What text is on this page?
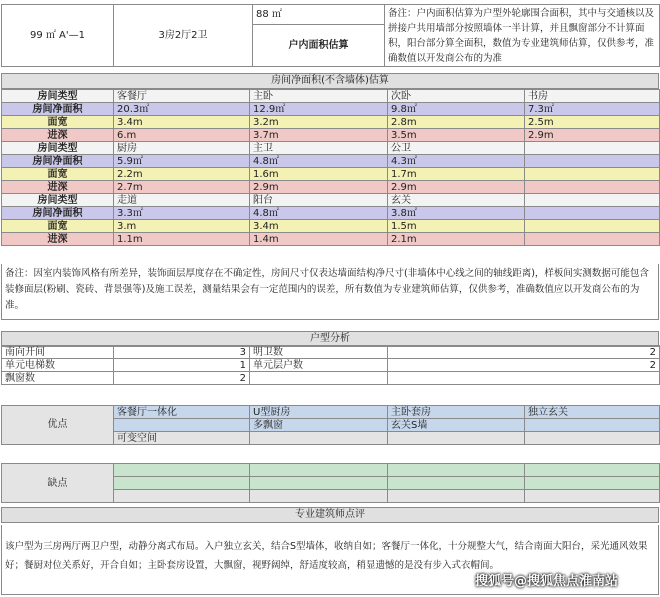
99 ㎡ A'—1	3房2厅2卫	88 ㎡	备注：户内面积估算为户型外轮廓围合面积，其中与交通核以及拼接户共用墙部分按照墙体一半计算，并且飘窗部分不计算面积，阳台部分算全面积，数值为专业建筑师估算，仅供参考，准确数值以开发商公布的为准
户内面积估算
房间净面积(不含墙体)估算
房间类型	客餐厅	主卧	次卧	书房
房间净面积	20.3㎡	12.9㎡	9.8㎡	7.3㎡
面宽	3.4m	3.2m	2.8m	2.5m
进深	6.m	3.7m	3.5m	2.9m
房间类型	厨房	主卫	公卫	
房间净面积	5.9㎡	4.8㎡	4.3㎡	
面宽	2.2m	1.6m	1.7m	
进深	2.7m	2.9m	2.9m	
房间类型	走道	阳台	玄关	
房间净面积	3.3㎡	4.8㎡	3.8㎡	
面宽	3.m	3.4m	1.5m	
进深	1.1m	1.4m	2.1m	
备注：因室内装饰风格有所差异，装饰面层厚度存在不确定性，房间尺寸仅表达墙面结构净尺寸(非墙体中心线之间的轴线距离)，样板间实测数据可能包含装修面层(粉刷、瓷砖、背景强等)及施工误差，测量结果会有一定范围内的误差，所有数值为专业建筑师估算，仅供参考，准确数值应以开发商公布的为准。
户型分析
南向开间	3	明卫数	2
单元电梯数	1	单元层户数	2
飘窗数	2		
优点	客餐厅一体化	U型厨房	主卧套房	独立玄关
		多飘窗	玄关S墙	
	可变空间			
缺点				

专业建筑师点评
该户型为三房两厅两卫户型，动静分离式布局。入户独立玄关，结合S型墙体，收纳自如；客餐厅一体化，十分规整大气，结合南面大阳台，采光通风效果好；餐厨对位关系好，开合自如；主卧套房设置，大飘窗，视野阔绰，舒适度较高，稍显遗憾的是没有步入式衣帽间。
搜狐号@搜狐焦点淮南站
